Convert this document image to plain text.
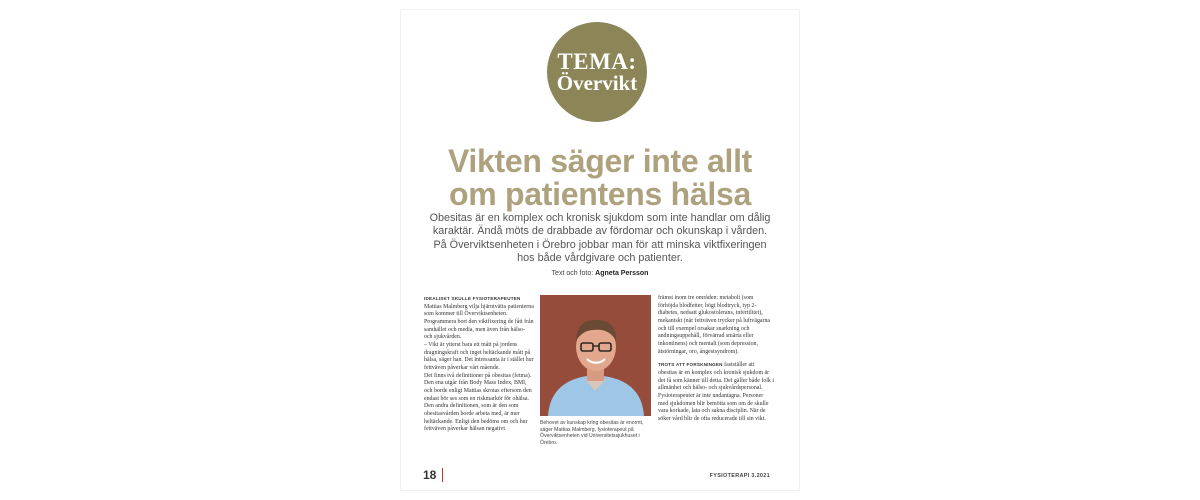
TEMA:
Övervikt
Vikten säger inte allt
om patientens hälsa
Obesitas är en komplex och kronisk sjukdom som inte handlar om dålig
karaktär. Ändå möts de drabbade av fördomar och okunskap i vården.
På Överviktsenheten i Örebro jobbar man för att minska viktfixeringen
hos både vårdgivare och patienter.
Text och foto: Agneta Persson

IDEALISKT SKULLE FYSIOTERAPEUTEN Mattias Malmberg vilja hjärntvätta patienterna som kommer till Överviktsenheten. Programmera bort den viktfixering de fått från samhället och media, men även från hälso- och sjukvården.

– Vikt är ytterst bara ett mått på jordens dragningskraft och inget heltäckande mått på hälsa, säger han. Det intressanta är i stället hur fettväven påverkar vårt mående.

Det finns två definitioner på obesitas (fetma). Den ena utgår från Body Mass Index, BMI, och borde enligt Mattias skrotas eftersom den endast bör ses som en riskmarkör för ohälsa. Den andra definitionen, som är den som obesitasvården borde arbeta med, är mer heltäckande. Enligt den bedöms om och hur fettväven påverkar hälsan negativt

Behovet av kunskap kring obesitas är enormt, säger Mattias Malmberg, fysioterapeut på Överviktsenheten vid Universitetssjukhuset i Örebro.

främst inom tre områden: metabolt (som förhöjda blodfetter, högt blodtryck, typ 2-diabetes, nedsatt glukostolerans, infertilitet), mekaniskt (när fettväven trycker på luftvägarna och till exempel orsakar snarkning och andningsuppehåll, förvärrad smärta eller inkontinens) och mentalt (som depression, ätstörningar, oro, ångestsyndrom).

TROTS ATT FORSKNINGEN fastställer att obesitas är en komplex och kronisk sjukdom är det få som känner till detta. Det gäller både folk i allmänhet och hälso- och sjukvårdspersonal. Fysioterapeuter är inte undantagna. Personer med sjukdomen blir bemötta som om de skulle vara korkade, lata och sakna disciplin. När de söker vård blir de ofta reducerade till sin vikt.

18	FYSIOTERAPI 3.2021
